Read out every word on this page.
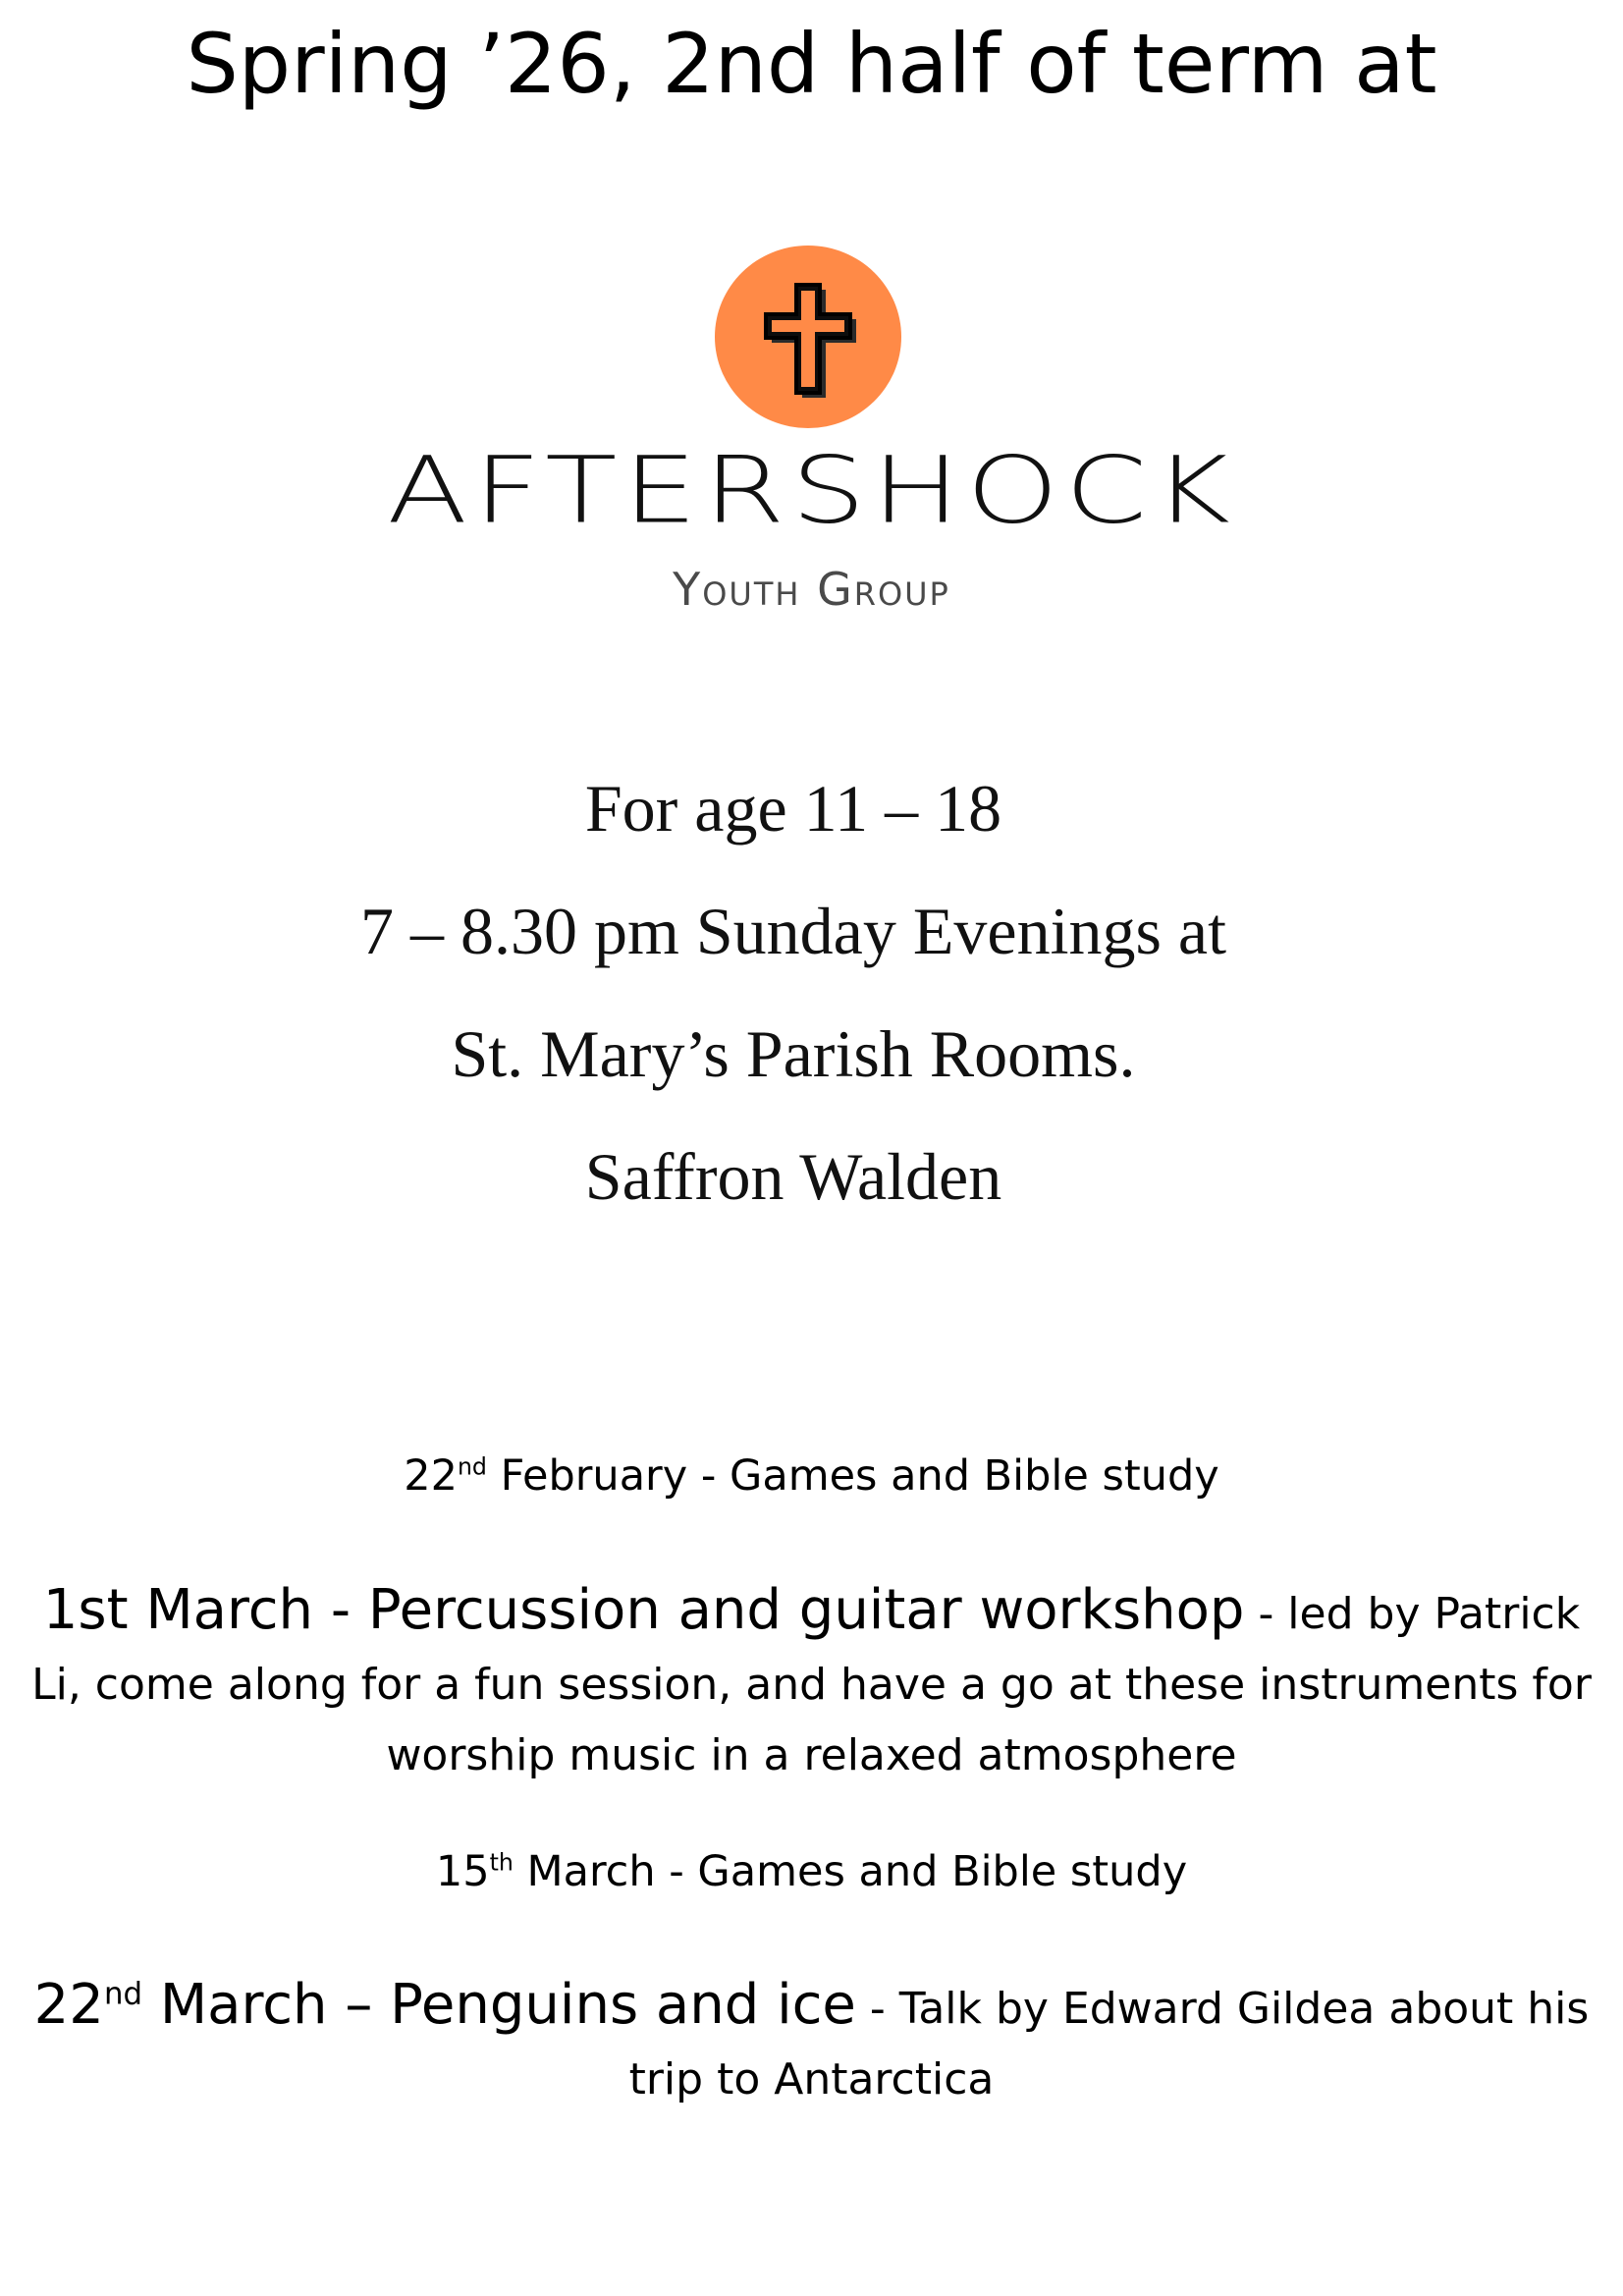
Spring ’26, 2nd half of term at
AFTERSHOCK
Youth Group
For age 11 – 18
7 – 8.30 pm Sunday Evenings at
St. Mary’s Parish Rooms.
Saffron Walden
22nd February - Games and Bible study
1st March - Percussion and guitar workshop - led by Patrick Li, come along for a fun session, and have a go at these instruments for worship music in a relaxed atmosphere
15th March - Games and Bible study
22nd March – Penguins and ice - Talk by Edward Gildea about his trip to Antarctica
